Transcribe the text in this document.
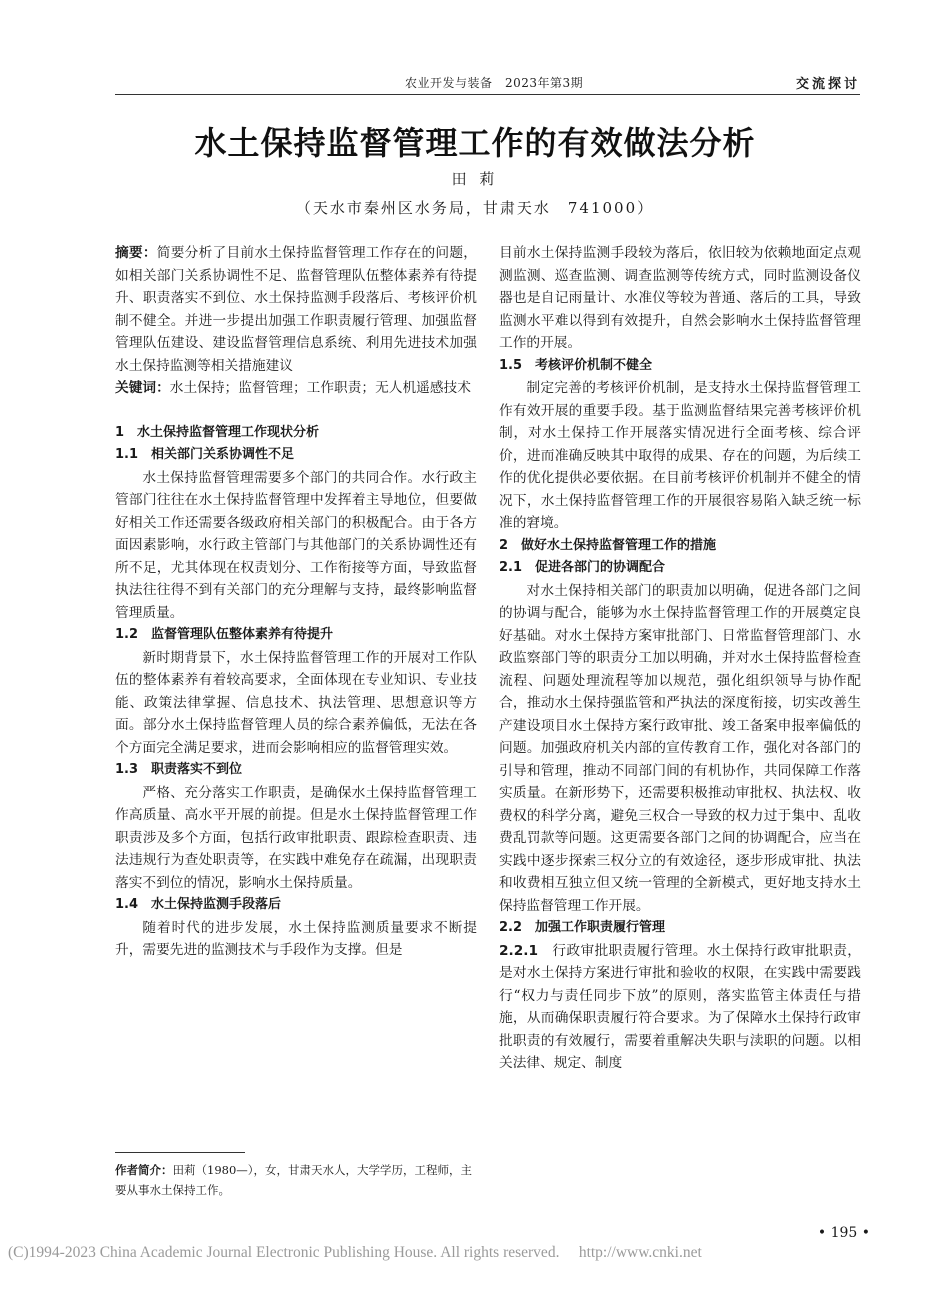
农业开发与装备　2023年第3期	交流探讨
水土保持监督管理工作的有效做法分析
田 莉
（天水市秦州区水务局，甘肃天水　741000）

摘要：简要分析了目前水土保持监督管理工作存在的问题，如相关部门关系协调性不足、监督管理队伍整体素养有待提升、职责落实不到位、水土保持监测手段落后、考核评价机制不健全。并进一步提出加强工作职责履行管理、加强监督管理队伍建设、建设监督管理信息系统、利用先进技术加强水土保持监测等相关措施建议

关键词：水土保持；监督管理；工作职责；无人机遥感技术

1　水土保持监督管理工作现状分析

1.1　相关部门关系协调性不足

水土保持监督管理需要多个部门的共同合作。水行政主管部门往往在水土保持监督管理中发挥着主导地位，但要做好相关工作还需要各级政府相关部门的积极配合。由于各方面因素影响，水行政主管部门与其他部门的关系协调性还有所不足，尤其体现在权责划分、工作衔接等方面，导致监督执法往往得不到有关部门的充分理解与支持，最终影响监督管理质量。

1.2　监督管理队伍整体素养有待提升

新时期背景下，水土保持监督管理工作的开展对工作队伍的整体素养有着较高要求，全面体现在专业知识、专业技能、政策法律掌握、信息技术、执法管理、思想意识等方面。部分水土保持监督管理人员的综合素养偏低，无法在各个方面完全满足要求，进而会影响相应的监督管理实效。

1.3　职责落实不到位

严格、充分落实工作职责，是确保水土保持监督管理工作高质量、高水平开展的前提。但是水土保持监督管理工作职责涉及多个方面，包括行政审批职责、跟踪检查职责、违法违规行为查处职责等，在实践中难免存在疏漏，出现职责落实不到位的情况，影响水土保持质量。

1.4　水土保持监测手段落后

随着时代的进步发展，水土保持监测质量要求不断提升，需要先进的监测技术与手段作为支撑。但是

目前水土保持监测手段较为落后，依旧较为依赖地面定点观测监测、巡查监测、调查监测等传统方式，同时监测设备仪器也是自记雨量计、水准仪等较为普通、落后的工具，导致监测水平难以得到有效提升，自然会影响水土保持监督管理工作的开展。

1.5　考核评价机制不健全

制定完善的考核评价机制，是支持水土保持监督管理工作有效开展的重要手段。基于监测监督结果完善考核评价机制，对水土保持工作开展落实情况进行全面考核、综合评价，进而准确反映其中取得的成果、存在的问题，为后续工作的优化提供必要依据。在目前考核评价机制并不健全的情况下，水土保持监督管理工作的开展很容易陷入缺乏统一标准的窘境。

2　做好水土保持监督管理工作的措施

2.1　促进各部门的协调配合

对水土保持相关部门的职责加以明确，促进各部门之间的协调与配合，能够为水土保持监督管理工作的开展奠定良好基础。对水土保持方案审批部门、日常监督管理部门、水政监察部门等的职责分工加以明确，并对水土保持监督检查流程、问题处理流程等加以规范，强化组织领导与协作配合，推动水土保持强监管和严执法的深度衔接，切实改善生产建设项目水土保持方案行政审批、竣工备案申报率偏低的问题。加强政府机关内部的宣传教育工作，强化对各部门的引导和管理，推动不同部门间的有机协作，共同保障工作落实质量。在新形势下，还需要积极推动审批权、执法权、收费权的科学分离，避免三权合一导致的权力过于集中、乱收费乱罚款等问题。这更需要各部门之间的协调配合，应当在实践中逐步探索三权分立的有效途径，逐步形成审批、执法和收费相互独立但又统一管理的全新模式，更好地支持水土保持监督管理工作开展。

2.2　加强工作职责履行管理

2.2.1　 行政审批职责履行管理。水土保持行政审批职责，是对水土保持方案进行审批和验收的权限，在实践中需要践行“权力与责任同步下放”的原则，落实监管主体责任与措施，从而确保职责履行符合要求。为了保障水土保持行政审批职责的有效履行，需要着重解决失职与渎职的问题。以相关法律、规定、制度

作者简介：田莉（1980—），女，甘肃天水人，大学学历，工程师，主要从事水土保持工作。
• 195 •
(C)1994-2023 China Academic Journal Electronic Publishing House. All rights reserved.　 http://www.cnki.net
